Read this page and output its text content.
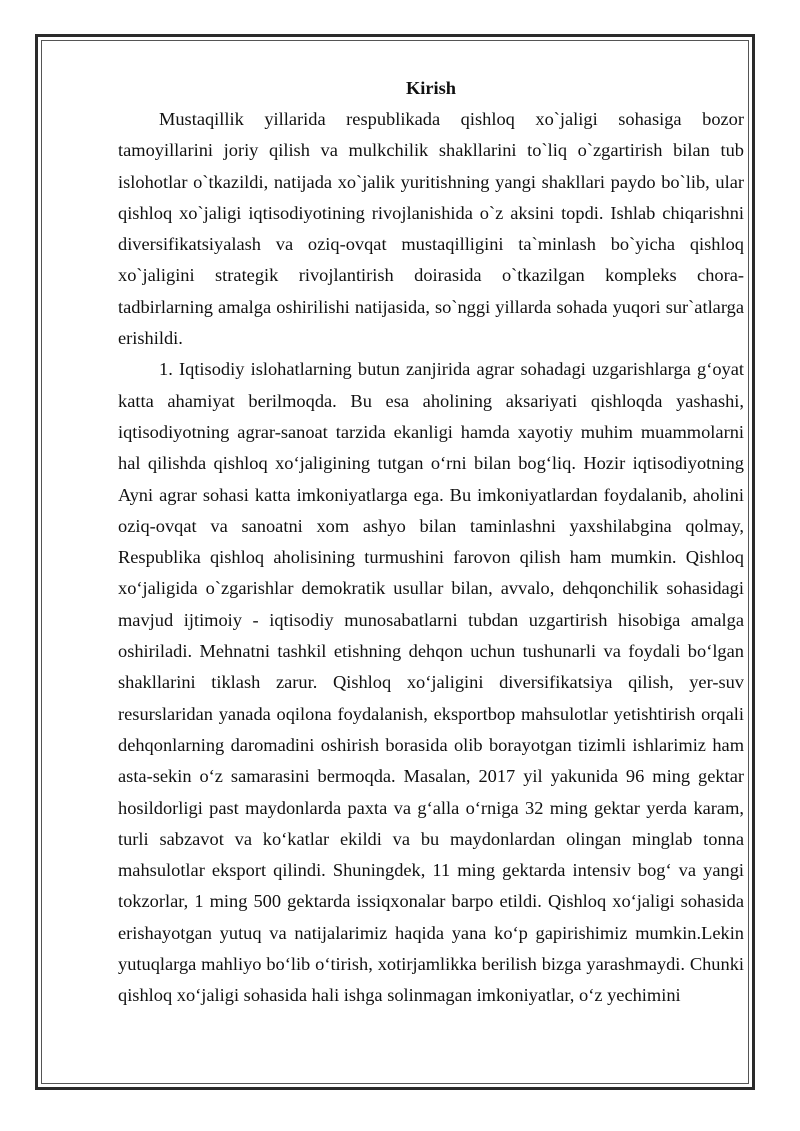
Kirish

Mustaqillik yillarida respublikada qishloq xo`jaligi sohasiga bozor tamoyillarini joriy qilish va mulkchilik shakllarini to`liq o`zgartirish bilan tub islohotlar o`tkazildi, natijada xo`jalik yuritishning yangi shakllari paydo bo`lib, ular qishloq xo`jaligi iqtisodiyotining rivojlanishida o`z aksini topdi. Ishlab chiqarishni diversifikatsiyalash va oziq-ovqat mustaqilligini ta`minlash bo`yicha qishloq xo`jaligini strategik rivojlantirish doirasida o`tkazilgan kompleks chora-tadbirlarning amalga oshirilishi natijasida, so`nggi yillarda sohada yuqori sur`atlarga erishildi.

1. Iqtisodiy islohatlarning butun zanjirida agrar sohadagi uzgarishlarga g‘oyat katta ahamiyat berilmoqda. Bu esa aholining aksariyati qishloqda yashashi, iqtisodiyotning agrar-sanoat tarzida ekanligi hamda xayotiy muhim muammolarni hal qilishda qishloq xo‘jaligining tutgan o‘rni bilan bog‘liq. Hozir iqtisodiyotning Ayni agrar sohasi katta imkoniyatlarga ega. Bu imkoniyatlardan foydalanib, aholini oziq-ovqat va sanoatni xom ashyo bilan taminlashni yaxshilabgina qolmay, Respublika qishloq aholisining turmushini farovon qilish ham mumkin. Qishloq xo‘jaligida o`zgarishlar demokratik usullar bilan, avvalo, dehqonchilik sohasidagi mavjud ijtimoiy - iqtisodiy munosabatlarni tubdan uzgartirish hisobiga amalga oshiriladi. Mehnatni tashkil etishning dehqon uchun tushunarli va foydali bo‘lgan shakllarini tiklash zarur. Qishloq xo‘jaligini diversifikatsiya qilish, yer-suv resurslaridan yanada oqilona foydalanish, eksportbop mahsulotlar yetishtirish orqali dehqonlarning daromadini oshirish borasida olib borayotgan tizimli ishlarimiz ham asta-sekin o‘z samarasini bermoqda. Masalan, 2017 yil yakunida 96 ming gektar hosildorligi past maydonlarda paxta va g‘alla o‘rniga 32 ming gektar yerda karam, turli sabzavot va ko‘katlar ekildi va bu maydonlardan olingan minglab tonna mahsulotlar eksport qilindi. Shuningdek, 11 ming gektarda intensiv bog‘ va yangi tokzorlar, 1 ming 500 gektarda issiqxonalar barpo etildi. Qishloq xo‘jaligi sohasida erishayotgan yutuq va natijalarimiz haqida yana ko‘p gapirishimiz mumkin.Lekin yutuqlarga mahliyo bo‘lib o‘tirish, xotirjamlikka berilish bizga yarashmaydi. Chunki qishloq xo‘jaligi sohasida hali ishga solinmagan imkoniyatlar, o‘z yechimini
